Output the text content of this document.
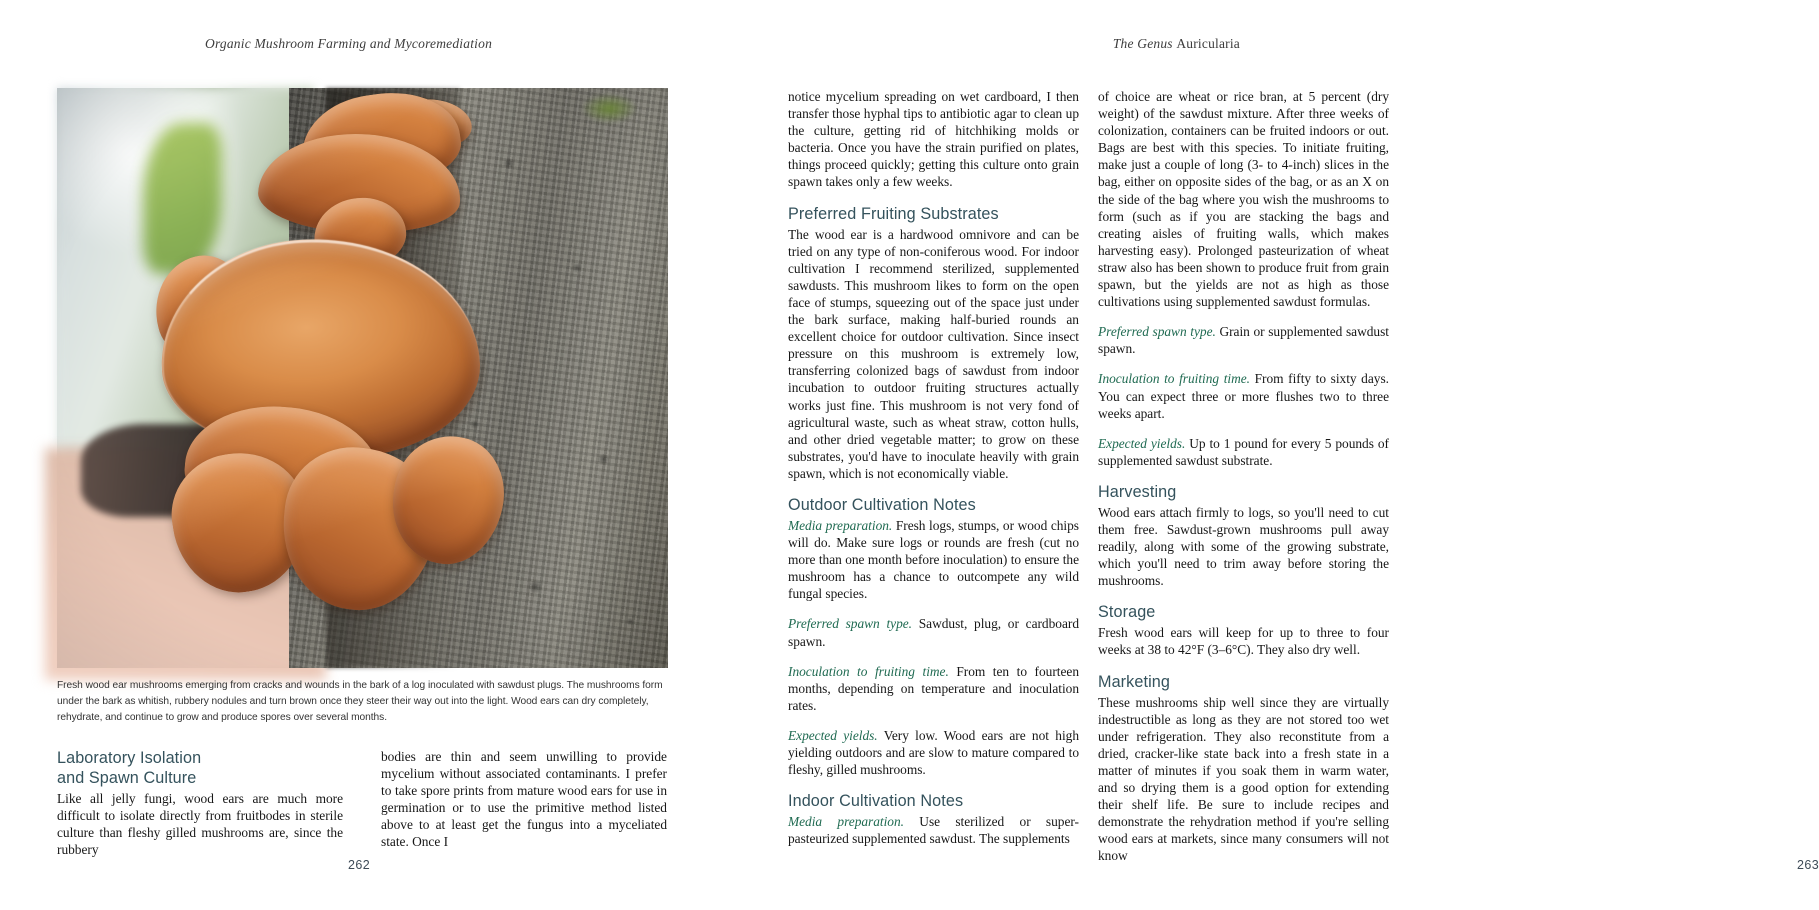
Organic Mushroom Farming and Mycoremediation
Fresh wood ear mushrooms emerging from cracks and wounds in the bark of a log inoculated with sawdust plugs. The mushrooms form under the bark as whitish, rubbery nodules and turn brown once they steer their way out into the light. Wood ears can dry completely, rehydrate, and continue to grow and produce spores over several months.
Laboratory Isolation
and Spawn Culture

Like all jelly fungi, wood ears are much more difficult to isolate directly from fruitbodes in sterile culture than fleshy gilled mushrooms are, since the rubbery

bodies are thin and seem unwilling to provide mycelium without associated contaminants. I prefer to take spore prints from mature wood ears for use in germination or to use the primitive method listed above to at least get the fungus into a myceliated state. Once I

262
The Genus Auricularia

notice mycelium spreading on wet cardboard, I then transfer those hyphal tips to antibiotic agar to clean up the culture, getting rid of hitchhiking molds or bacteria. Once you have the strain purified on plates, things proceed quickly; getting this culture onto grain spawn takes only a few weeks.

Preferred Fruiting Substrates

The wood ear is a hardwood omnivore and can be tried on any type of non-coniferous wood. For indoor cultivation I recommend sterilized, supplemented sawdusts. This mushroom likes to form on the open face of stumps, squeezing out of the space just under the bark surface, making half-buried rounds an excellent choice for outdoor cultivation. Since insect pressure on this mushroom is extremely low, transferring colonized bags of sawdust from indoor incubation to outdoor fruiting structures actually works just fine. This mushroom is not very fond of agricultural waste, such as wheat straw, cotton hulls, and other dried vegetable matter; to grow on these substrates, you'd have to inoculate heavily with grain spawn, which is not economically viable.

Outdoor Cultivation Notes

Media preparation. Fresh logs, stumps, or wood chips will do. Make sure logs or rounds are fresh (cut no more than one month before inoculation) to ensure the mushroom has a chance to outcompete any wild fungal species.

Preferred spawn type. Sawdust, plug, or cardboard spawn.

Inoculation to fruiting time. From ten to fourteen months, depending on temperature and inoculation rates.

Expected yields. Very low. Wood ears are not high yielding outdoors and are slow to mature compared to fleshy, gilled mushrooms.

Indoor Cultivation Notes

Media preparation. Use sterilized or super-pasteurized supplemented sawdust. The supplements

of choice are wheat or rice bran, at 5 percent (dry weight) of the sawdust mixture. After three weeks of colonization, containers can be fruited indoors or out. Bags are best with this species. To initiate fruiting, make just a couple of long (3- to 4-inch) slices in the bag, either on opposite sides of the bag, or as an X on the side of the bag where you wish the mushrooms to form (such as if you are stacking the bags and creating aisles of fruiting walls, which makes harvesting easy). Prolonged pasteurization of wheat straw also has been shown to produce fruit from grain spawn, but the yields are not as high as those cultivations using supplemented sawdust formulas.

Preferred spawn type. Grain or supplemented sawdust spawn.

Inoculation to fruiting time. From fifty to sixty days. You can expect three or more flushes two to three weeks apart.

Expected yields. Up to 1 pound for every 5 pounds of supplemented sawdust substrate.

Harvesting

Wood ears attach firmly to logs, so you'll need to cut them free. Sawdust-grown mushrooms pull away readily, along with some of the growing substrate, which you'll need to trim away before storing the mushrooms.

Storage

Fresh wood ears will keep for up to three to four weeks at 38 to 42°F (3–6°C). They also dry well.

Marketing

These mushrooms ship well since they are virtually indestructible as long as they are not stored too wet under refrigeration. They also reconstitute from a dried, cracker-like state back into a fresh state in a matter of minutes if you soak them in warm water, and so drying them is a good option for extending their shelf life. Be sure to include recipes and demonstrate the rehydration method if you're selling wood ears at markets, since many consumers will not know

263
